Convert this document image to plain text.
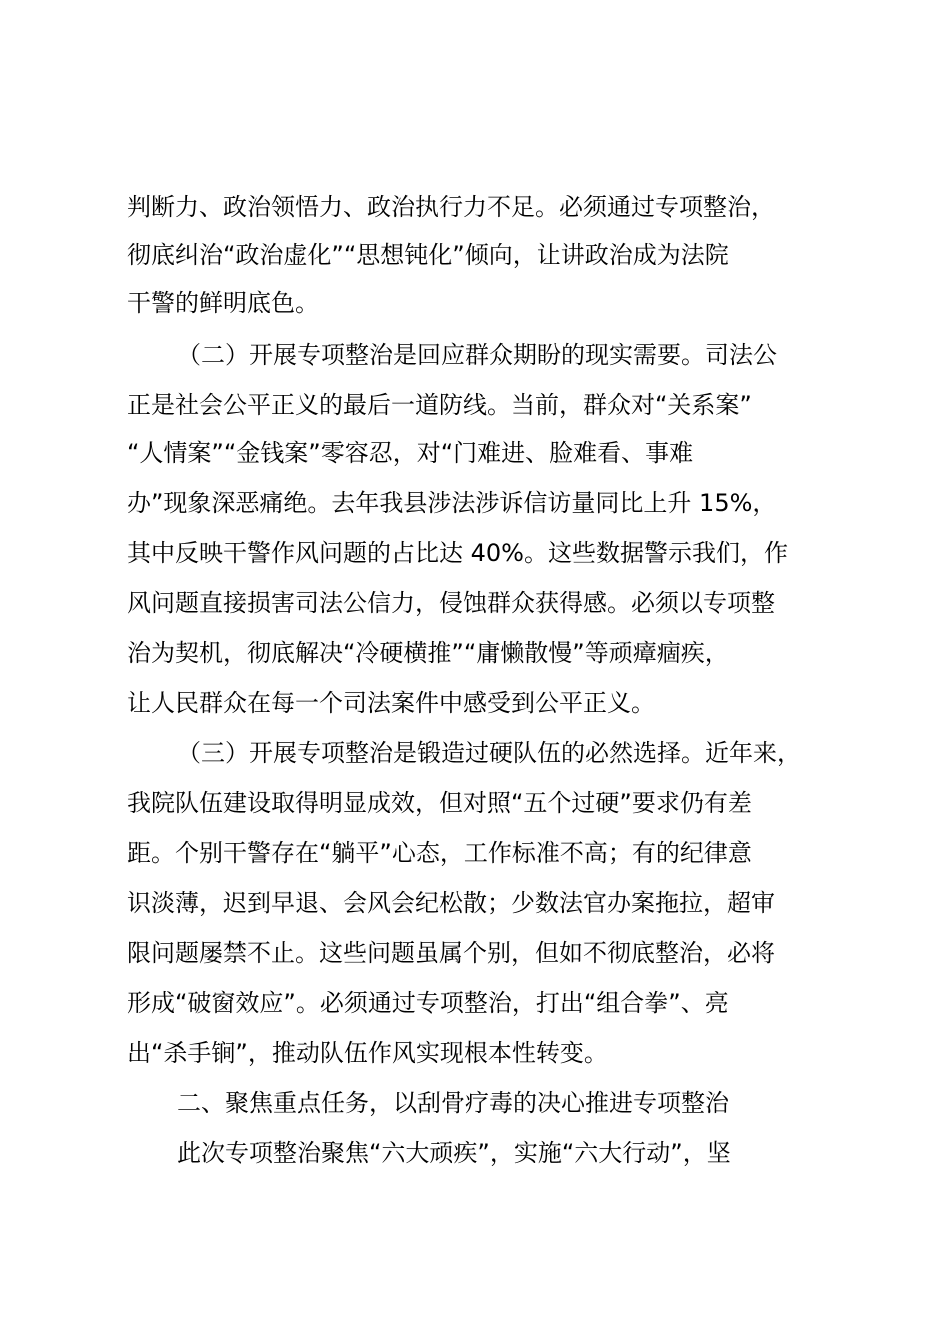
判断力、政治领悟力、政治执行力不足。必须通过专项整治，
彻底纠治“政治虚化”“思想钝化”倾向，让讲政治成为法院
干警的鲜明底色。
（二）开展专项整治是回应群众期盼的现实需要。司法公
正是社会公平正义的最后一道防线。当前，群众对“关系案”
“人情案”“金钱案”零容忍，对“门难进、脸难看、事难
办”现象深恶痛绝。去年我县涉法涉诉信访量同比上升 15%，
其中反映干警作风问题的占比达 40%。这些数据警示我们，作
风问题直接损害司法公信力，侵蚀群众获得感。必须以专项整
治为契机，彻底解决“冷硬横推”“庸懒散慢”等顽瘴痼疾，
让人民群众在每一个司法案件中感受到公平正义。
（三）开展专项整治是锻造过硬队伍的必然选择。近年来，
我院队伍建设取得明显成效，但对照“五个过硬”要求仍有差
距。个别干警存在“躺平”心态，工作标准不高；有的纪律意
识淡薄，迟到早退、会风会纪松散；少数法官办案拖拉，超审
限问题屡禁不止。这些问题虽属个别，但如不彻底整治，必将
形成“破窗效应”。必须通过专项整治，打出“组合拳”、亮
出“杀手锏”，推动队伍作风实现根本性转变。
二、聚焦重点任务，以刮骨疗毒的决心推进专项整治
此次专项整治聚焦“六大顽疾”，实施“六大行动”，坚
